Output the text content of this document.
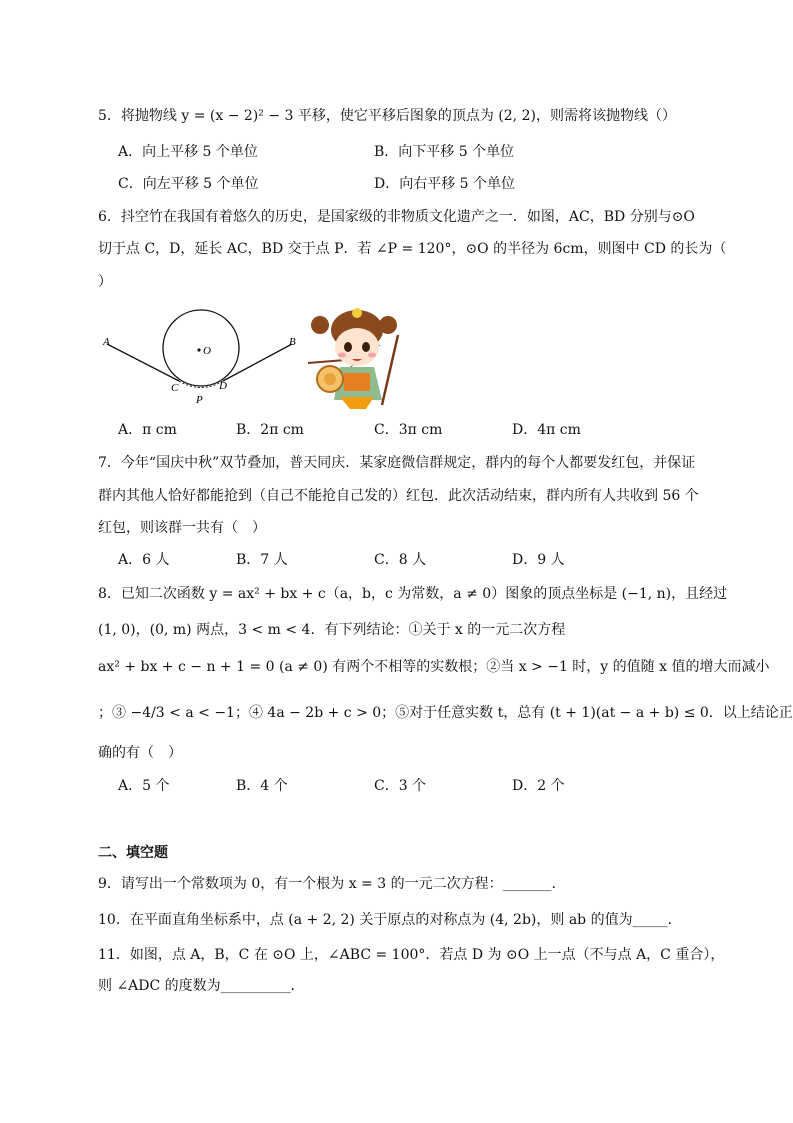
5．将抛物线 y = (x − 2)² − 3 平移，使它平移后图象的顶点为 (2, 2)，则需将该抛物线（）
A．向上平移 5 个单位	B．向下平移 5 个单位
C．向左平移 5 个单位	D．向右平移 5 个单位
6．抖空竹在我国有着悠久的历史，是国家级的非物质文化遗产之一．如图，AC，BD 分别与⊙O
切于点 C，D，延长 AC，BD 交于点 P．若 ∠P = 120°，⊙O 的半径为 6cm，则图中 CD 的长为（
）
A	B
O
C	D
P
A．π cm	B．2π cm	C．3π cm	D．4π cm
7．今年“国庆中秋”双节叠加，普天同庆．某家庭微信群规定，群内的每个人都要发红包，并保证
群内其他人恰好都能抢到（自己不能抢自己发的）红包．此次活动结束，群内所有人共收到 56 个
红包，则该群一共有（　）
A．6 人	B．7 人	C．8 人	D．9 人
8．已知二次函数 y = ax² + bx + c（a，b，c 为常数，a ≠ 0）图象的顶点坐标是 (−1, n)，且经过
(1, 0)，(0, m) 两点，3 < m < 4．有下列结论：①关于 x 的一元二次方程
ax² + bx + c − n + 1 = 0 (a ≠ 0) 有两个不相等的实数根；②当 x > −1 时，y 的值随 x 值的增大而减小
；③ −4/3 < a < −1；④ 4a − 2b + c > 0；⑤对于任意实数 t，总有 (t + 1)(at − a + b) ≤ 0．以上结论正
确的有（　）
A．5 个	B．4 个	C．3 个	D．2 个
二、填空题
9．请写出一个常数项为 0，有一个根为 x = 3 的一元二次方程：_______．
10．在平面直角坐标系中，点 (a + 2, 2) 关于原点的对称点为 (4, 2b)，则 ab 的值为_____．
11．如图，点 A，B，C 在 ⊙O 上，∠ABC = 100°．若点 D 为 ⊙O 上一点（不与点 A，C 重合），
则 ∠ADC 的度数为__________．
